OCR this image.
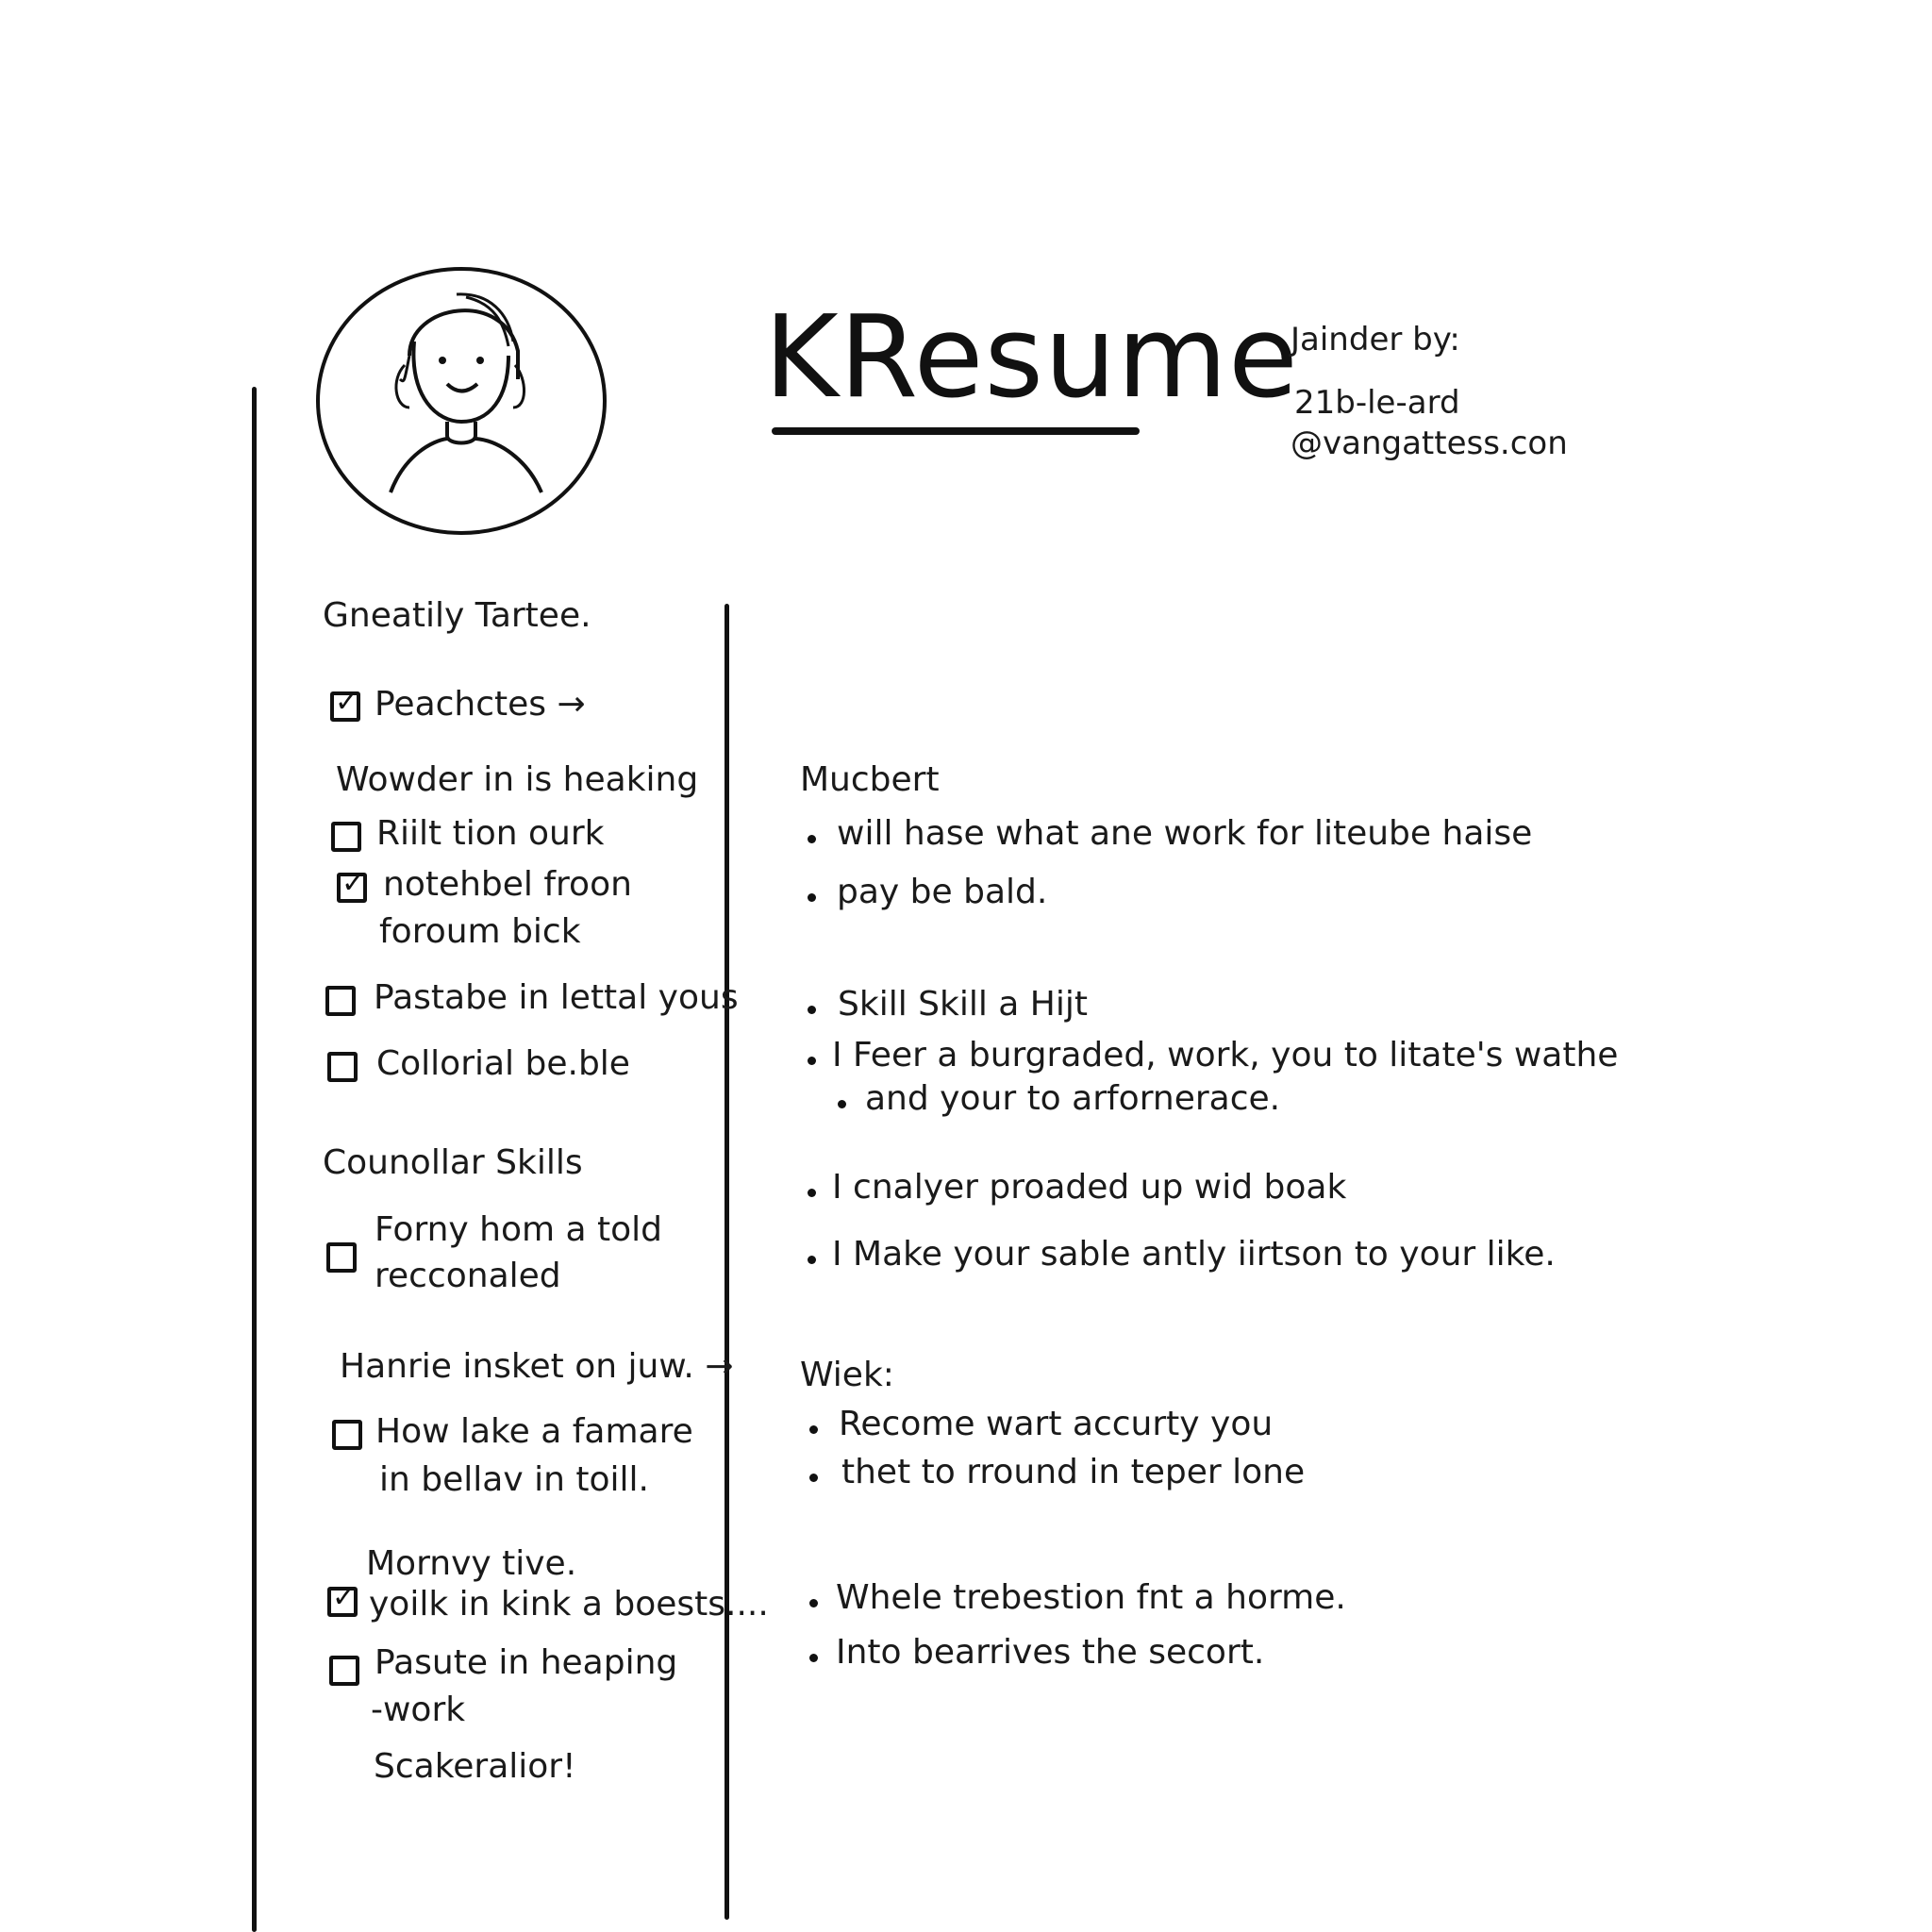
KResume
Jainder by:
21b-le-ard
@vangattess.con
Gneatily Tartee.
✓
Peachctes →
Wowder in is heaking
Riilt tion ourk
✓
notehbel froon
foroum bick
Pastabe in lettal yous
Collorial be.ble
Counollar Skills
Forny hom a told
recconaled
Hanrie insket on juw. →
How lake a famare
in bellav in toill.
Mornvy tive.
✓
yoilk in kink a boests....
Pasute in heaping
-work
Scakeralior!
Mucbert
will hase what ane work for liteube haise
pay be bald.
Skill Skill a Hijt
I Feer a burgraded, work, you to litate's wathe
and your to arfornerace.
I cnalyer proaded up wid boak
I Make your sable antly iirtson to your like.
Wiek:
Recome wart accurty you
thet to rround in teper lone
Whele trebestion fnt a horme.
Into bearrives the secort.
